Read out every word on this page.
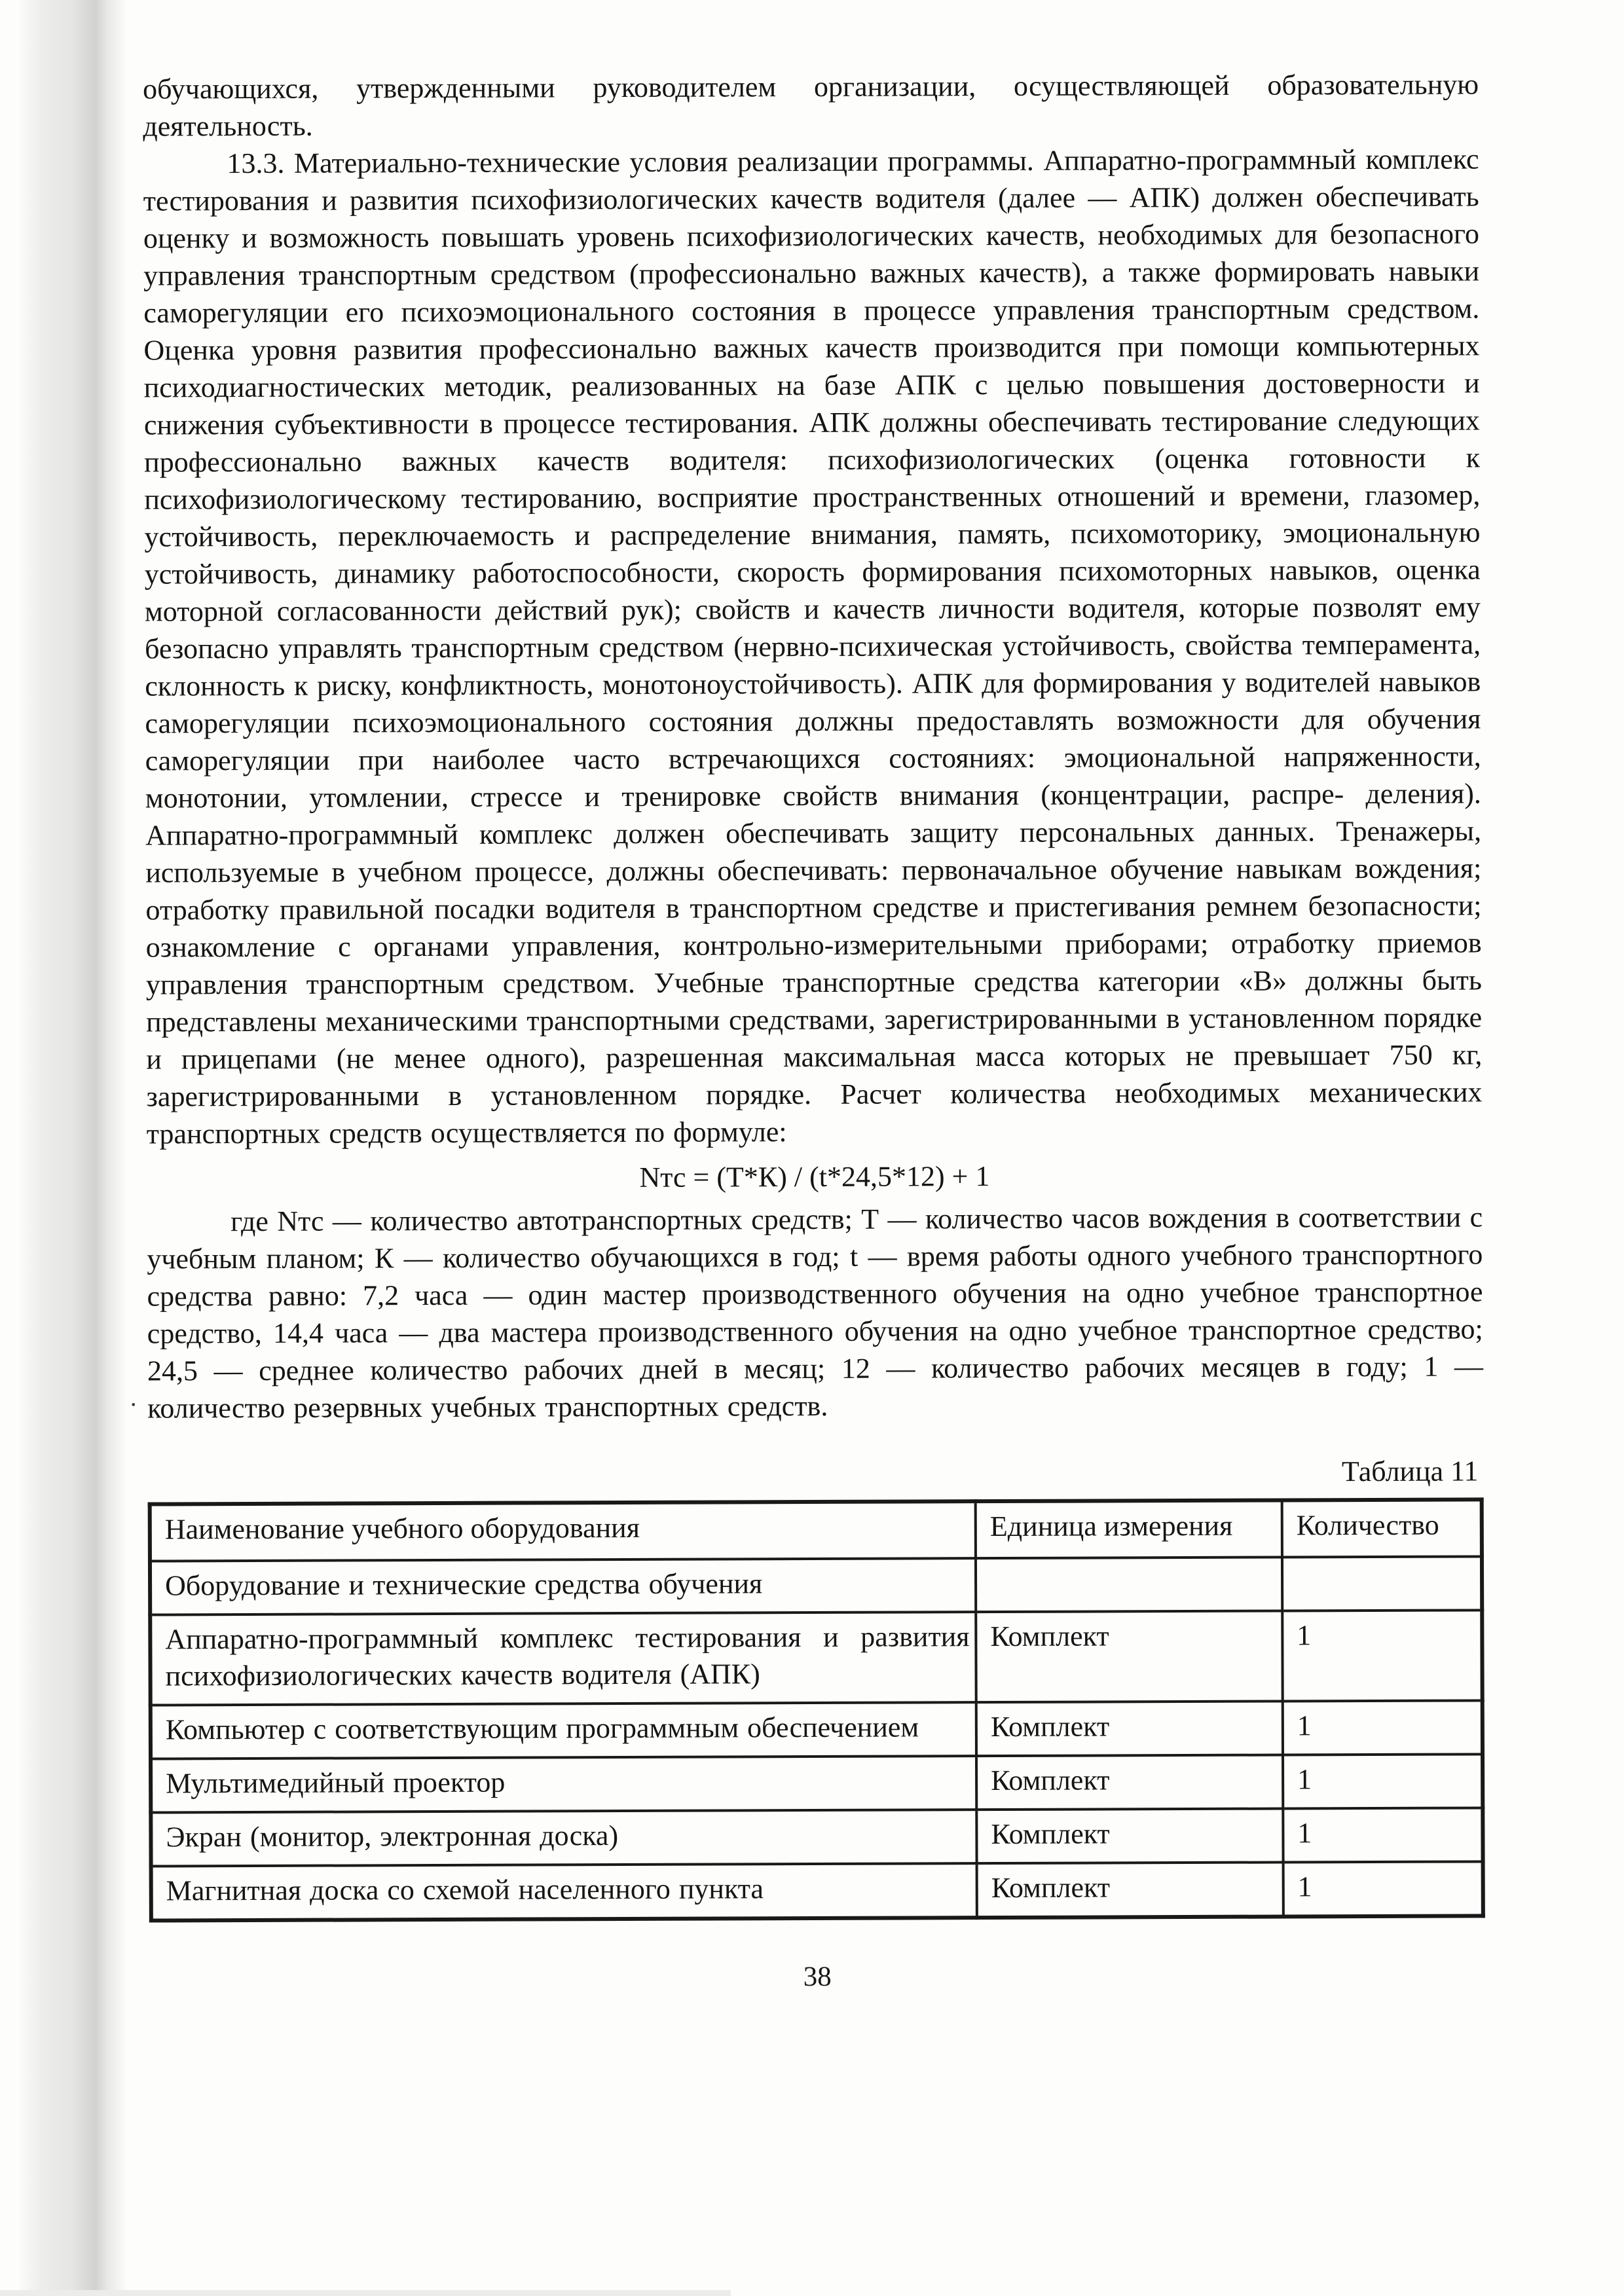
обучающихся, утвержденными руководителем организации, осуществляющей образовательную деятельность.

13.3. Материально-технические условия реализации программы. Аппаратно-программный комплекс тестирования и развития психофизиологических качеств водителя (далее — АПК) должен обеспечивать оценку и возможность повышать уровень психофизиологических качеств, необходимых для безопасного управления транспортным средством (профессионально важных качеств), а также формировать навыки саморегуляции его психоэмоционального состояния в процессе управления транспортным средством. Оценка уровня развития профессионально важных качеств производится при помощи компьютерных психодиагностических методик, реализованных на базе АПК с целью повышения достоверности и снижения субъективности в процессе тестирования. АПК должны обеспечивать тестирование следующих профессионально важных качеств водителя: психофизиологических (оценка готовности к психофизиологическому тестированию, восприятие пространственных отношений и времени, глазомер, устойчивость, переключаемость и распределение внимания, память, психомоторику, эмоциональную устойчивость, динамику работоспособности, скорость формирования психомоторных навыков, оценка моторной согласованности действий рук); свойств и качеств личности водителя, которые позволят ему безопасно управлять транспортным средством (нервно-психическая устойчивость, свойства темперамента, склонность к риску, конфликтность, монотоноустойчивость). АПК для формирования у водителей навыков саморегуляции психоэмоционального состояния должны предоставлять возможности для обучения саморегуляции при наиболее часто встречающихся состояниях: эмоциональной напряженности, монотонии, утомлении, стрессе и тренировке свойств внимания (концентрации, распре- деления). Аппаратно-программный комплекс должен обеспечивать защиту персональных данных. Тренажеры, используемые в учебном процессе, должны обеспечивать: первоначальное обучение навыкам вождения; отработку правильной посадки водителя в транспортном средстве и пристегивания ремнем безопасности; ознакомление с органами управления, контрольно-измерительными приборами; отработку приемов управления транспортным средством. Учебные транспортные средства категории «В» должны быть представлены механическими транспортными средствами, зарегистрированными в установленном порядке и прицепами (не менее одного), разрешенная максимальная масса которых не превышает 750 кг, зарегистрированными в установленном порядке. Расчет количества необходимых механических транспортных средств осуществляется по формуле:

Nтс = (Т*К) / (t*24,5*12) + 1
·

где Nтс — количество автотранспортных средств; Т — количество часов вождения в соответствии с учебным планом; К — количество обучающихся в год; t — время работы одного учебного транспортного средства равно: 7,2 часа — один мастер производственного обучения на одно учебное транспортное средство, 14,4 часа — два мастера производственного обучения на одно учебное транспортное средство; 24,5 — среднее количество рабочих дней в месяц; 12 — количество рабочих месяцев в году; 1 — количество резервных учебных транспортных средств.

Таблица 11
Наименование учебного оборудования	Единица измерения	Количество
Оборудование и технические средства обучения		
Аппаратно-программный комплекс тестирования и развития психофизиологических качеств водителя (АПК)	Комплект	1
Компьютер с соответствующим программным обеспечением	Комплект	1
Мультимедийный проектор	Комплект	1
Экран (монитор, электронная доска)	Комплект	1
Магнитная доска со схемой населенного пункта	Комплект	1
38
